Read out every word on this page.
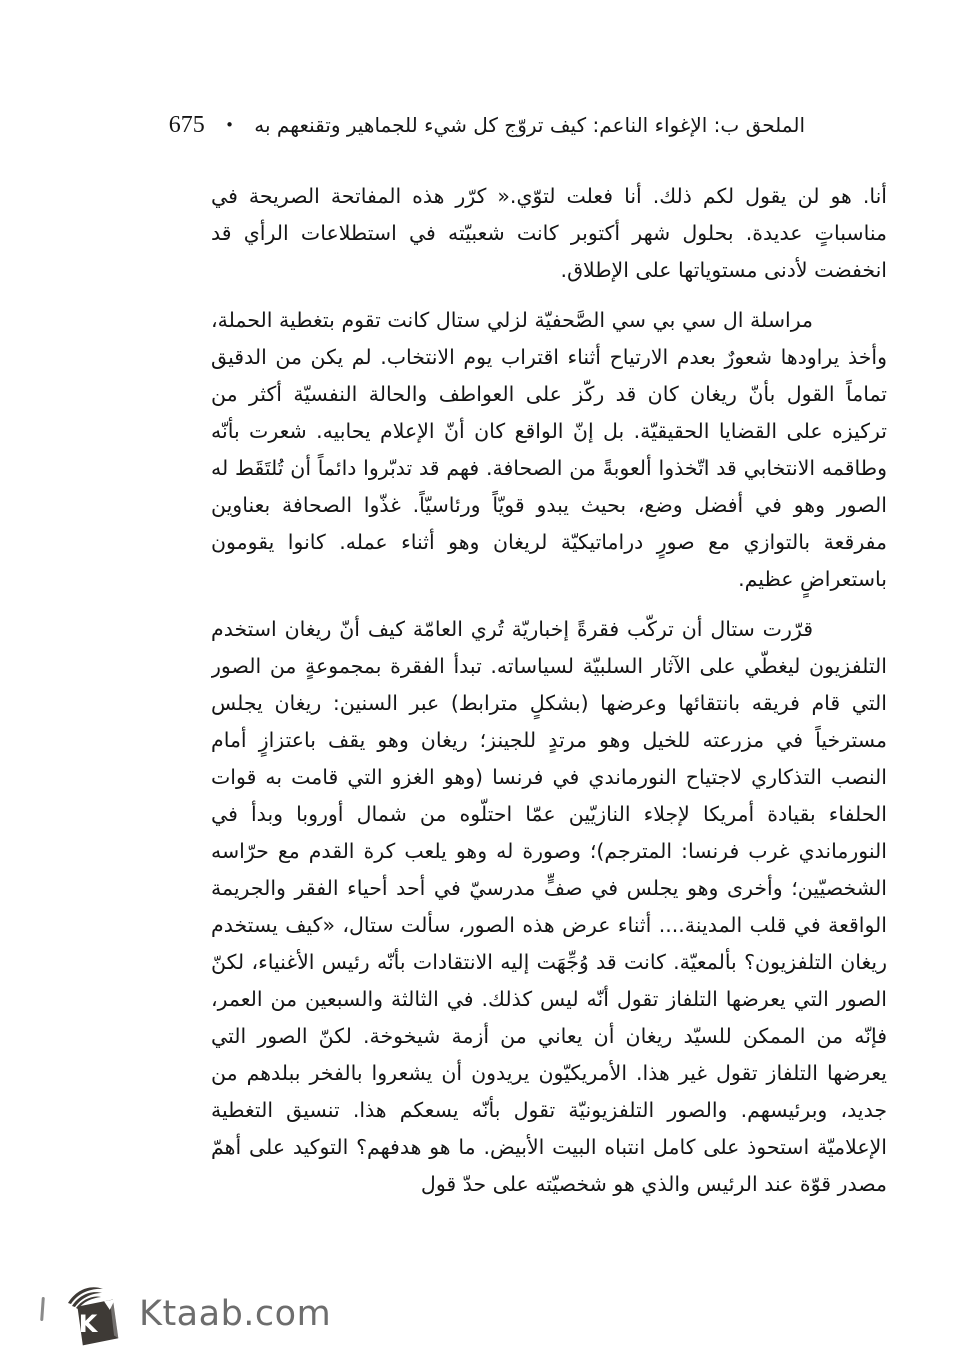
الملحق ب: الإغواء الناعم: كيف تروّج كل شيء للجماهير وتقنعهم به • 675

أنا. هو لن يقول لكم ذلك. أنا فعلت لتوّي.« كرّر هذه المفاتحة الصريحة في مناسباتٍ عديدة. بحلول شهر أكتوبر كانت شعبيّته في استطلاعات الرأي قد انخفضت لأدنى مستوياتها على الإطلاق.

مراسلة ال سي بي سي الصَّحفيّة لزلي ستال كانت تقوم بتغطية الحملة، وأخذ يراودها شعورٌ بعدم الارتياح أثناء اقتراب يوم الانتخاب. لم يكن من الدقيق تماماً القول بأنّ ريغان كان قد ركّز على العواطف والحالة النفسيّة أكثر من تركيزه على القضايا الحقيقيّة. بل إنّ الواقع كان أنّ الإعلام يحابيه. شعرت بأنّه وطاقمه الانتخابي قد اتّخذوا ألعوبةً من الصحافة. فهم قد تدبّروا دائماً أن تُلتَقَط له الصور وهو في أفضل وضع، بحيث يبدو قويّاً ورئاسيّاً. غذّوا الصحافة بعناوين مفرقعة بالتوازي مع صورٍ دراماتيكيّة لريغان وهو أثناء عمله. كانوا يقومون باستعراضٍ عظيم.

قرّرت ستال أن تركّب فقرةً إخباريّة تُري العامّة كيف أنّ ريغان استخدم التلفزيون ليغطّي على الآثار السلبيّة لسياساته. تبدأ الفقرة بمجموعةٍ من الصور التي قام فريقه بانتقائها وعرضها (بشكلٍ مترابط) عبر السنين: ريغان يجلس مسترخياً في مزرعته للخيل وهو مرتدٍ للجينز؛ ريغان وهو يقف باعتزازٍ أمام النصب التذكاري لاجتياح النورماندي في فرنسا (وهو الغزو التي قامت به قوات الحلفاء بقيادة أمريكا لإجلاء النازيّين عمّا احتلّوه من شمال أوروبا وبدأ في النورماندي غرب فرنسا: المترجم)؛ وصورة له وهو يلعب كرة القدم مع حرّاسه الشخصيّين؛ وأخرى وهو يجلس في صفٍّ مدرسيّ في أحد أحياء الفقر والجريمة الواقعة في قلب المدينة.... أثناء عرض هذه الصور، سألت ستال، «كيف يستخدم ريغان التلفزيون؟ بألمعيّة. كانت قد وُجِّهَت إليه الانتقادات بأنّه رئيس الأغنياء، لكنّ الصور التي يعرضها التلفاز تقول أنّه ليس كذلك. في الثالثة والسبعين من العمر، فإنّه من الممكن للسيّد ريغان أن يعاني من أزمة شيخوخة. لكنّ الصور التي يعرضها التلفاز تقول غير هذا. الأمريكيّون يريدون أن يشعروا بالفخر ببلدهم من جديد، وبرئيسهم. والصور التلفزيونيّة تقول بأنّه يسعكم هذا. تنسيق التغطية الإعلاميّة استحوذ على كامل انتباه البيت الأبيض. ما هو هدفهم؟ التوكيد على أهمّ مصدر قوّة عند الرئيس والذي هو شخصيّته على حدّ قول

K Ktaab.com
